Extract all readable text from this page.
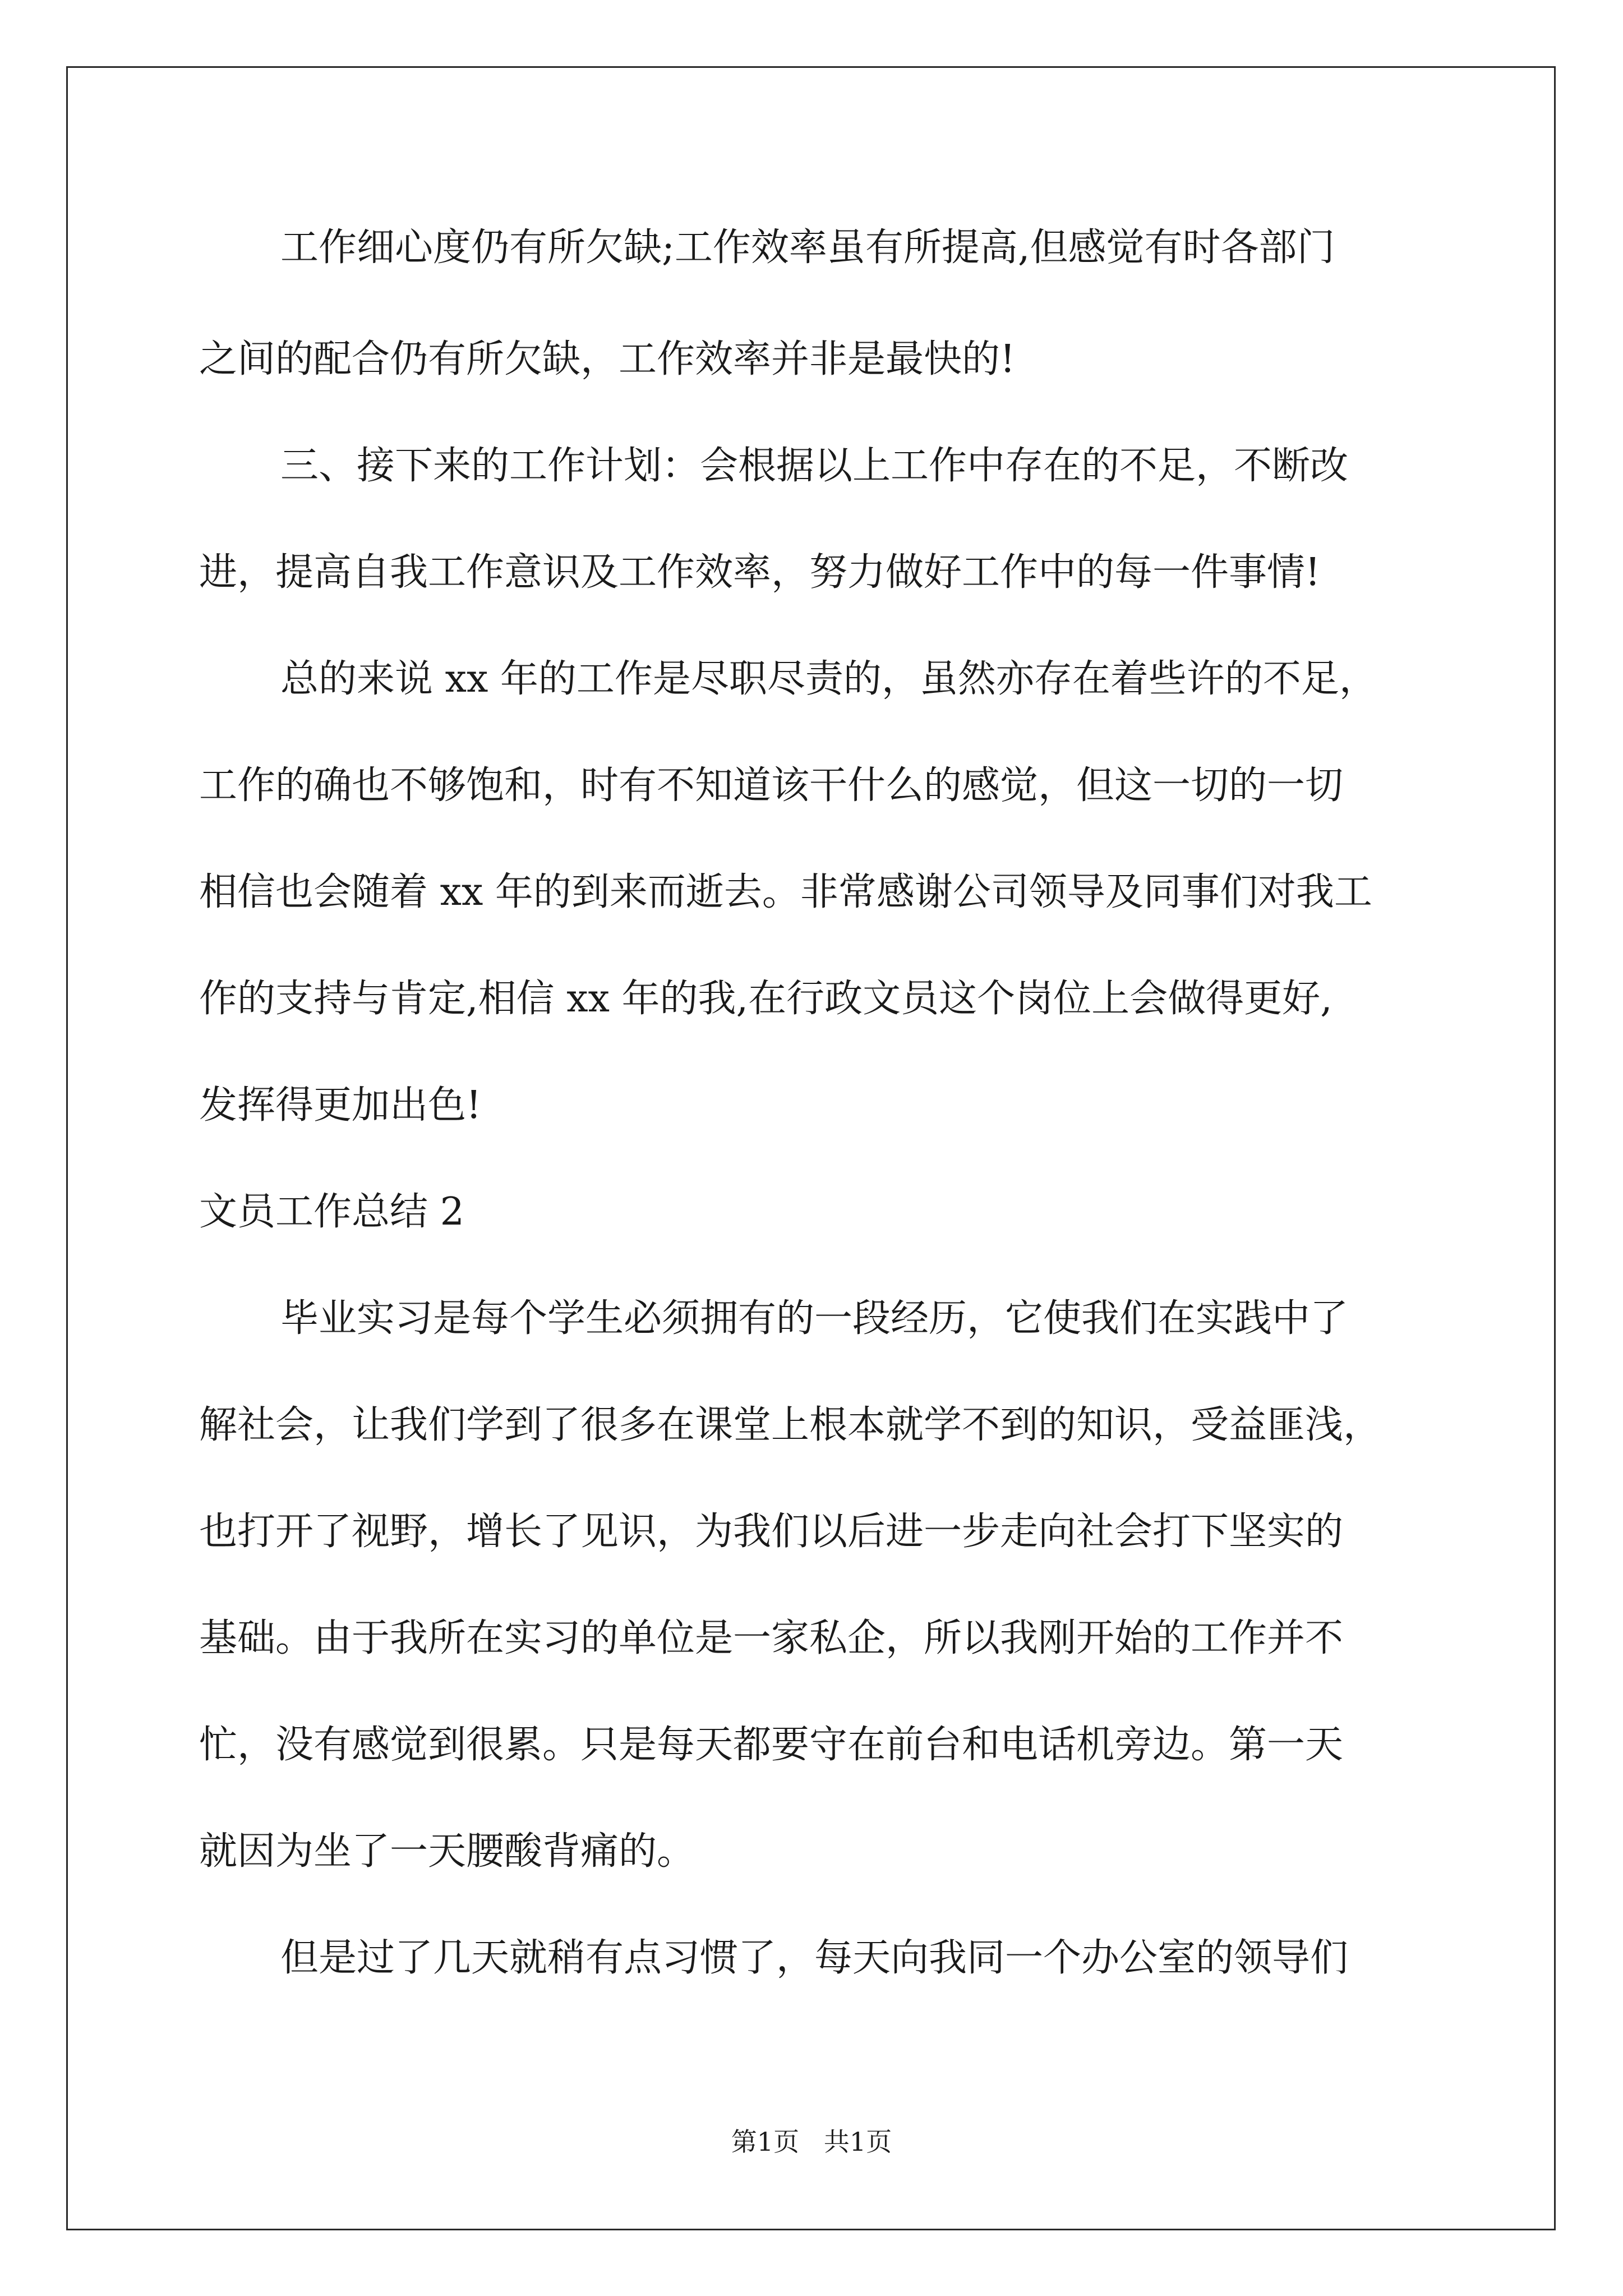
工作细心度仍有所欠缺;工作效率虽有所提高,但感觉有时各部门
之间的配合仍有所欠缺，工作效率并非是最快的!
三、接下来的工作计划：会根据以上工作中存在的不足，不断改
进，提高自我工作意识及工作效率，努力做好工作中的每一件事情!
总的来说 xx 年的工作是尽职尽责的，虽然亦存在着些许的不足，
工作的确也不够饱和，时有不知道该干什么的感觉，但这一切的一切
相信也会随着 xx 年的到来而逝去。非常感谢公司领导及同事们对我工
作的支持与肯定,相信 xx 年的我,在行政文员这个岗位上会做得更好,
发挥得更加出色!
文员工作总结 2
毕业实习是每个学生必须拥有的一段经历，它使我们在实践中了
解社会，让我们学到了很多在课堂上根本就学不到的知识，受益匪浅，
也打开了视野，增长了见识，为我们以后进一步走向社会打下坚实的
基础。由于我所在实习的单位是一家私企，所以我刚开始的工作并不
忙，没有感觉到很累。只是每天都要守在前台和电话机旁边。第一天
就因为坐了一天腰酸背痛的。
但是过了几天就稍有点习惯了，每天向我同一个办公室的领导们
第1页   共1页
